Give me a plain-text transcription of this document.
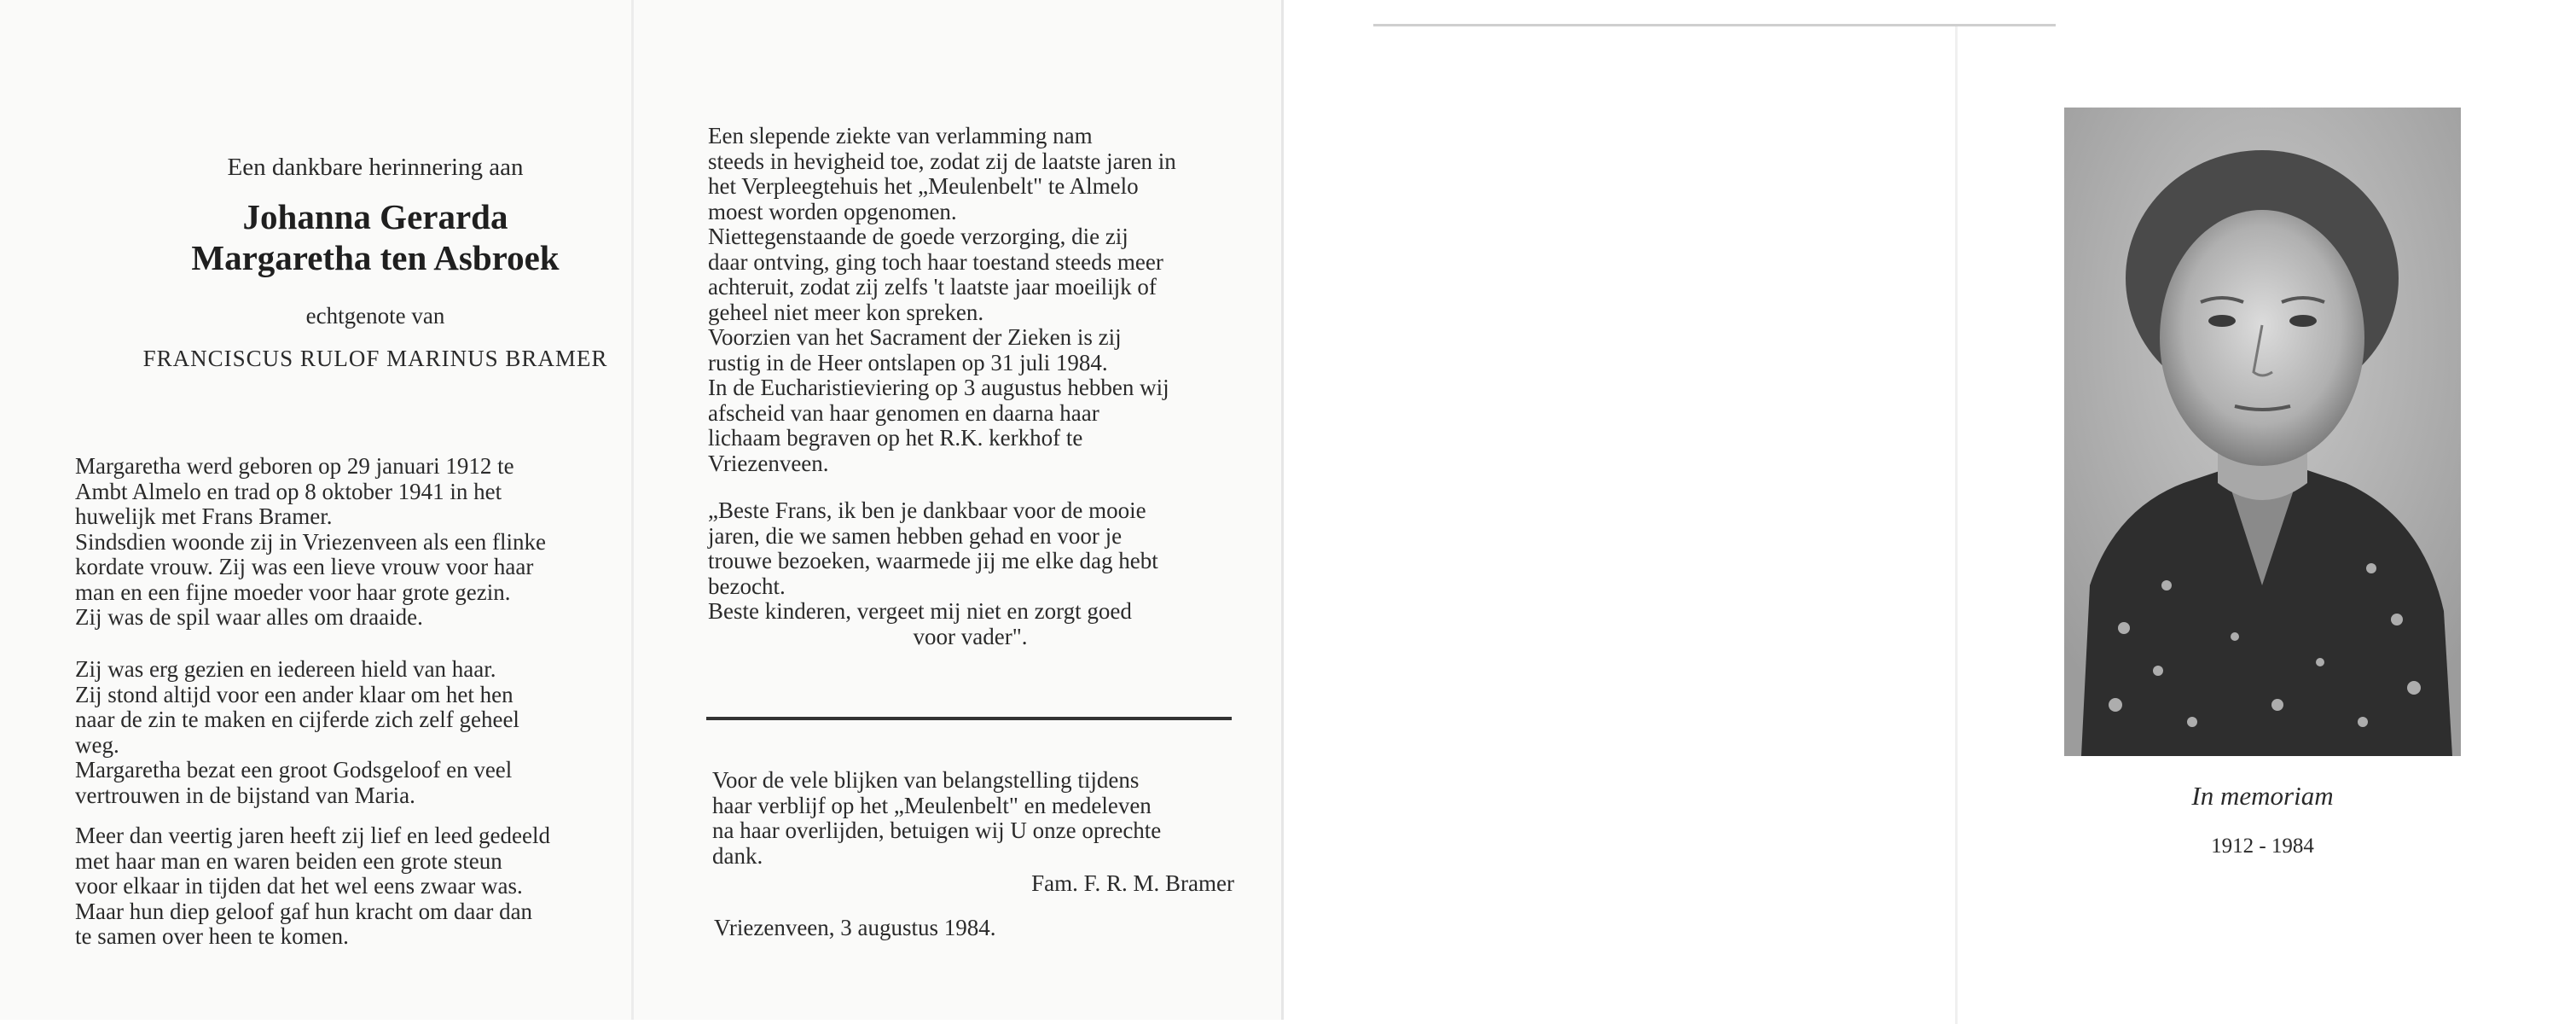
Een dankbare herinnering aan
Johanna Gerarda
Margaretha ten Asbroek
echtgenote van
FRANCISCUS RULOF MARINUS BRAMER
Margaretha werd geboren op 29 januari 1912 te
Ambt Almelo en trad op 8 oktober 1941 in het
huwelijk met Frans Bramer.
Sindsdien woonde zij in Vriezenveen als een flinke
kordate vrouw. Zij was een lieve vrouw voor haar
man en een fijne moeder voor haar grote gezin.
Zij was de spil waar alles om draaide.
Zij was erg gezien en iedereen hield van haar.
Zij stond altijd voor een ander klaar om het hen
naar de zin te maken en cijferde zich zelf geheel
weg.
Margaretha bezat een groot Godsgeloof en veel
vertrouwen in de bijstand van Maria.
Meer dan veertig jaren heeft zij lief en leed gedeeld
met haar man en waren beiden een grote steun
voor elkaar in tijden dat het wel eens zwaar was.
Maar hun diep geloof gaf hun kracht om daar dan
te samen over heen te komen.
Een slepende ziekte van verlamming nam
steeds in hevigheid toe, zodat zij de laatste jaren in
het Verpleegtehuis het „Meulenbelt" te Almelo
moest worden opgenomen.
Niettegenstaande de goede verzorging, die zij
daar ontving, ging toch haar toestand steeds meer
achteruit, zodat zij zelfs 't laatste jaar moeilijk of
geheel niet meer kon spreken.
Voorzien van het Sacrament der Zieken is zij
rustig in de Heer ontslapen op 31 juli 1984.
In de Eucharistieviering op 3 augustus hebben wij
afscheid van haar genomen en daarna haar
lichaam begraven op het R.K. kerkhof te
Vriezenveen.
„Beste Frans, ik ben je dankbaar voor de mooie
jaren, die we samen hebben gehad en voor je
trouwe bezoeken, waarmede jij me elke dag hebt
bezocht.
Beste kinderen, vergeet mij niet en zorgt goed
voor vader".
Voor de vele blijken van belangstelling tijdens
haar verblijf op het „Meulenbelt" en medeleven
na haar overlijden, betuigen wij U onze oprechte
dank.
Fam. F. R. M. Bramer
Vriezenveen, 3 augustus 1984.
In memoriam
1912 - 1984
